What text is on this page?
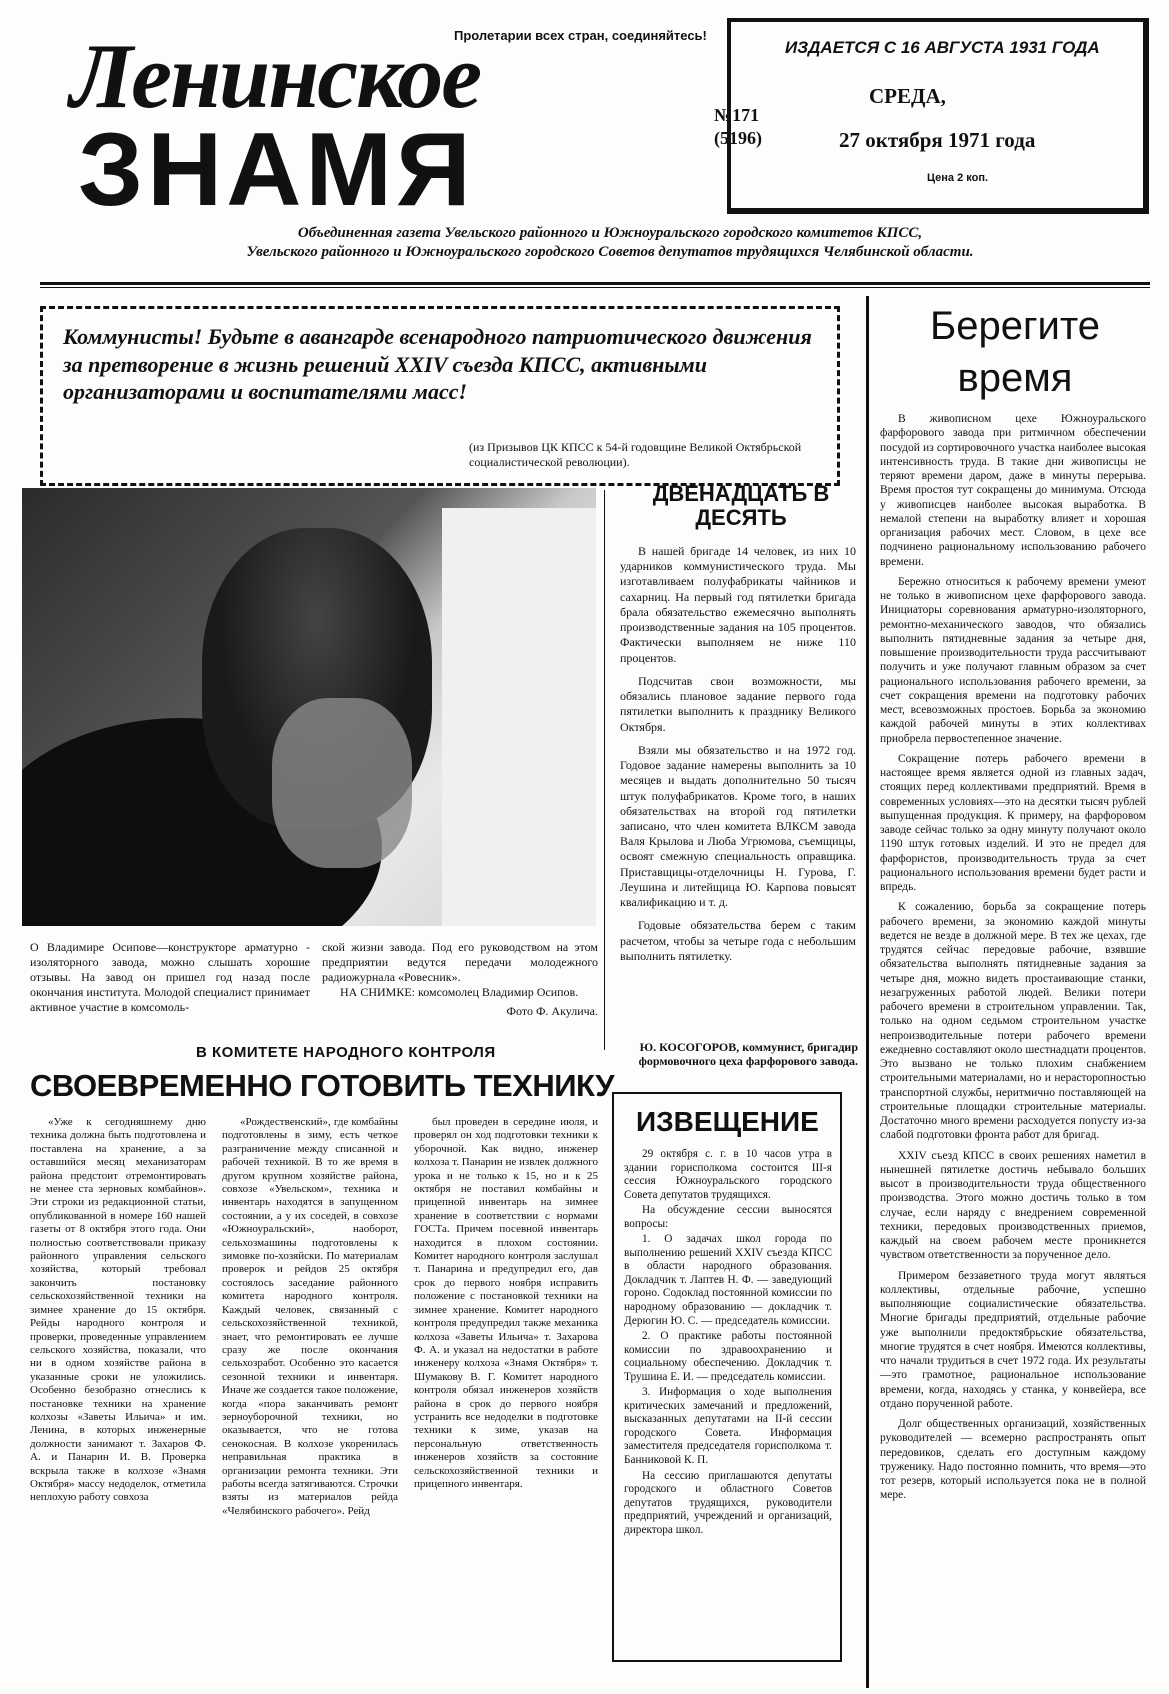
Пролетарии всех стран, соединяйтесь!
Ленинское
ЗНАМЯ	№171
(5196)
ИЗДАЕТСЯ С 16 АВГУСТА 1931 ГОДА
СРЕДА,
27 октября 1971 года
Цена 2 коп.
Объединенная газета Увельского районного и Южноуральского городского комитетов КПСС,
Увельского районного и Южноуральского городского Советов депутатов трудящихся Челябинской области.
Коммунисты! Будьте в авангарде всенародного патриотического движения за претворение в жизнь решений XXIV съезда КПСС, активными организаторами и воспитателями масс!
(из Призывов ЦК КПСС к 54-й годовщине Великой Октябрьской социалистической революции).
О Владимире Осипове—конструкторе арматурно - изоляторного завода, можно слышать хорошие отзывы. На завод он пришел год назад после окончания института. Молодой специалист принимает активное участие в комсомоль-
ской жизни завода. Под его руководством на этом предприятии ведутся передачи молодежного радиожурнала «Ровесник».
НА СНИМКЕ: комсомолец Владимир Осипов.
Фото Ф. Акулича.
ДВЕНАДЦАТЬ В ДЕСЯТЬ

В нашей бригаде 14 человек, из них 10 ударников коммунистического труда. Мы изготавливаем полуфабрикаты чайников и сахарниц. На первый год пятилетки бригада брала обязательство ежемесячно выполнять производственные задания на 105 процентов. Фактически выполняем не ниже 110 процентов.

Подсчитав свои возможности, мы обязались плановое задание первого года пятилетки выполнить к празднику Великого Октября.

Взяли мы обязательство и на 1972 год. Годовое задание намерены выполнить за 10 месяцев и выдать дополнительно 50 тысяч штук полуфабрикатов. Кроме того, в наших обязательствах на второй год пятилетки записано, что член комитета ВЛКСМ завода Валя Крылова и Люба Угрюмова, съемщицы, освоят смежную специальность оправщика. Приставщицы-отделочницы Н. Гурова, Г. Леушина и литейщица Ю. Карпова повысят квалификацию и т. д.

Годовые обязательства берем с таким расчетом, чтобы за четыре года с небольшим выполнить пятилетку.

Ю. КОСОГОРОВ, коммунист, бригадир формовочного цеха фарфорового завода.
Берегите
время

В живописном цехе Южноуральского фарфорового завода при ритмичном обеспечении посудой из сортировочного участка наиболее высокая интенсивность труда. В такие дни живописцы не теряют времени даром, даже в минуты перерыва. Время простоя тут сокращены до минимума. Отсюда у живописцев наиболее высокая выработка. В немалой степени на выработку влияет и хорошая организация рабочих мест. Словом, в цехе все подчинено рациональному использованию рабочего времени.

Бережно относиться к рабочему времени умеют не только в живописном цехе фарфорового завода. Инициаторы соревнования арматурно-изоляторного, ремонтно-механического заводов, что обязались выполнить пятидневные задания за четыре дня, повышение производительности труда рассчитывают получить и уже получают главным образом за счет рационального использования рабочего времени, за счет сокращения времени на подготовку рабочих мест, всевозможных простоев. Борьба за экономию каждой рабочей минуты в этих коллективах приобрела первостепенное значение.

Сокращение потерь рабочего времени в настоящее время является одной из главных задач, стоящих перед коллективами предприятий. Время в современных условиях—это на десятки тысяч рублей выпущенная продукция. К примеру, на фарфоровом заводе сейчас только за одну минуту получают около 1190 штук готовых изделий. И это не предел для фарфористов, производительность труда за счет рационального использования времени будет расти и впредь.

К сожалению, борьба за сокращение потерь рабочего времени, за экономию каждой минуты ведется не везде в должной мере. В тех же цехах, где трудятся сейчас передовые рабочие, взявшие обязательства выполнять пятидневные задания за четыре дня, можно видеть простаивающие станки, незагруженных работой людей. Велики потери рабочего времени в строительном управлении. Так, только на одном седьмом строительном участке непроизводительные потери рабочего времени ежедневно составляют около шестнадцати процентов. Это вызвано не только плохим снабжением строительными материалами, но и нерасторопностью транспортной службы, неритмично поставляющей на строительные площадки строительные материалы. Достаточно много времени расходуется попусту из-за слабой подготовки фронта работ для бригад.

XXIV съезд КПСС в своих решениях наметил в нынешней пятилетке достичь небывало больших высот в производительности труда общественного производства. Этого можно достичь только в том случае, если наряду с внедрением современной техники, передовых производственных приемов, каждый на своем рабочем месте проникнется чувством ответственности за порученное дело.

Примером беззаветного труда могут являться коллективы, отдельные рабочие, успешно выполняющие социалистические обязательства. Многие бригады предприятий, отдельные рабочие уже выполнили предоктябрьские обязательства, многие трудятся в счет ноября. Имеются коллективы, что начали трудиться в счет 1972 года. Их результаты—это грамотное, рациональное использование времени, когда, находясь у станка, у конвейера, все отдано порученной работе.

Долг общественных организаций, хозяйственных руководителей — всемерно распространять опыт передовиков, сделать его доступным каждому труженику. Надо постоянно помнить, что время—это тот резерв, который используется пока не в полной мере.

В КОМИТЕТЕ НАРОДНОГО КОНТРОЛЯ
СВОЕВРЕМЕННО ГОТОВИТЬ ТЕХНИКУ

«Уже к сегодняшнему дню техника должна быть подготовлена и поставлена на хранение, а за оставшийся месяц механизаторам района предстоит отремонтировать не менее ста зерновых комбайнов». Эти строки из редакционной статьи, опубликованной в номере 160 нашей газеты от 8 октября этого года. Они полностью соответствовали приказу районного управления сельского хозяйства, который требовал закончить постановку сельскохозяйственной техники на зимнее хранение до 15 октября. Рейды народного контроля и проверки, проведенные управлением сельского хозяйства, показали, что ни в одном хозяйстве района в указанные сроки не уложились. Особенно безобразно отнеслись к постановке техники на хранение колхозы «Заветы Ильича» и им. Ленина, в которых инженерные должности занимают т. Захаров Ф. А. и Панарин И. В. Проверка вскрыла также в колхозе «Знамя Октября» массу недоделок, отметила неплохую работу совхоза

«Рождественский», где комбайны подготовлены в зиму, есть четкое разграничение между списанной и рабочей техникой. В то же время в другом крупном хозяйстве района, совхозе «Увельском», техника и инвентарь находятся в запущенном состоянии, а у их соседей, в совхозе «Южноуральский», наоборот, сельхозмашины подготовлены к зимовке по-хозяйски. По материалам проверок и рейдов 25 октября состоялось заседание районного комитета народного контроля. Каждый человек, связанный с сельскохозяйственной техникой, знает, что ремонтировать ее лучше сразу же после окончания сельхозработ. Особенно это касается сезонной техники и инвентаря. Иначе же создается такое положение, когда «пора заканчивать ремонт зерноуборочной техники, но оказывается, что не готова сенокосная. В колхозе укоренилась неправильная практика в организации ремонта техники. Эти работы всегда затягиваются. Строчки взяты из материалов рейда «Челябинского рабочего». Рейд

был проведен в середине июля, и проверял он ход подготовки техники к уборочной. Как видно, инженер колхоза т. Панарин не извлек должного урока и не только к 15, но и к 25 октября не поставил комбайны и прицепной инвентарь на зимнее хранение в соответствии с нормами ГОСТа. Причем посевной инвентарь находится в плохом состоянии. Комитет народного контроля заслушал т. Панарина и предупредил его, дав срок до первого ноября исправить положение с постановкой техники на зимнее хранение. Комитет народного контроля предупредил также механика колхоза «Заветы Ильича» т. Захарова Ф. А. и указал на недостатки в работе инженеру колхоза «Знамя Октября» т. Шумакову В. Г. Комитет народного контроля обязал инженеров хозяйств района в срок до первого ноября устранить все недоделки в подготовке техники к зиме, указав на персональную ответственность инженеров хозяйств за состояние сельскохозяйственной техники и прицепного инвентаря.

ИЗВЕЩЕНИЕ

29 октября с. г. в 10 часов утра в здании горисполкома состоится III-я сессия Южноуральского городского Совета депутатов трудящихся.

На обсуждение сессии выносятся вопросы:

1. О задачах школ города по выполнению решений XXIV съезда КПСС в области народного образования. Докладчик т. Лаптев Н. Ф. — заведующий гороно. Содоклад постоянной комиссии по народному образованию — докладчик т. Дерюгин Ю. С. — председатель комиссии.

2. О практике работы постоянной комиссии по здравоохранению и социальному обеспечению. Докладчик т. Трушина Е. И. — председатель комиссии.

3. Информация о ходе выполнения критических замечаний и предложений, высказанных депутатами на II-й сессии городского Совета. Информация заместителя председателя горисполкома т. Банниковой К. П.

На сессию приглашаются депутаты городского и областного Советов депутатов трудящихся, руководители предприятий, учреждений и организаций, директора школ.
